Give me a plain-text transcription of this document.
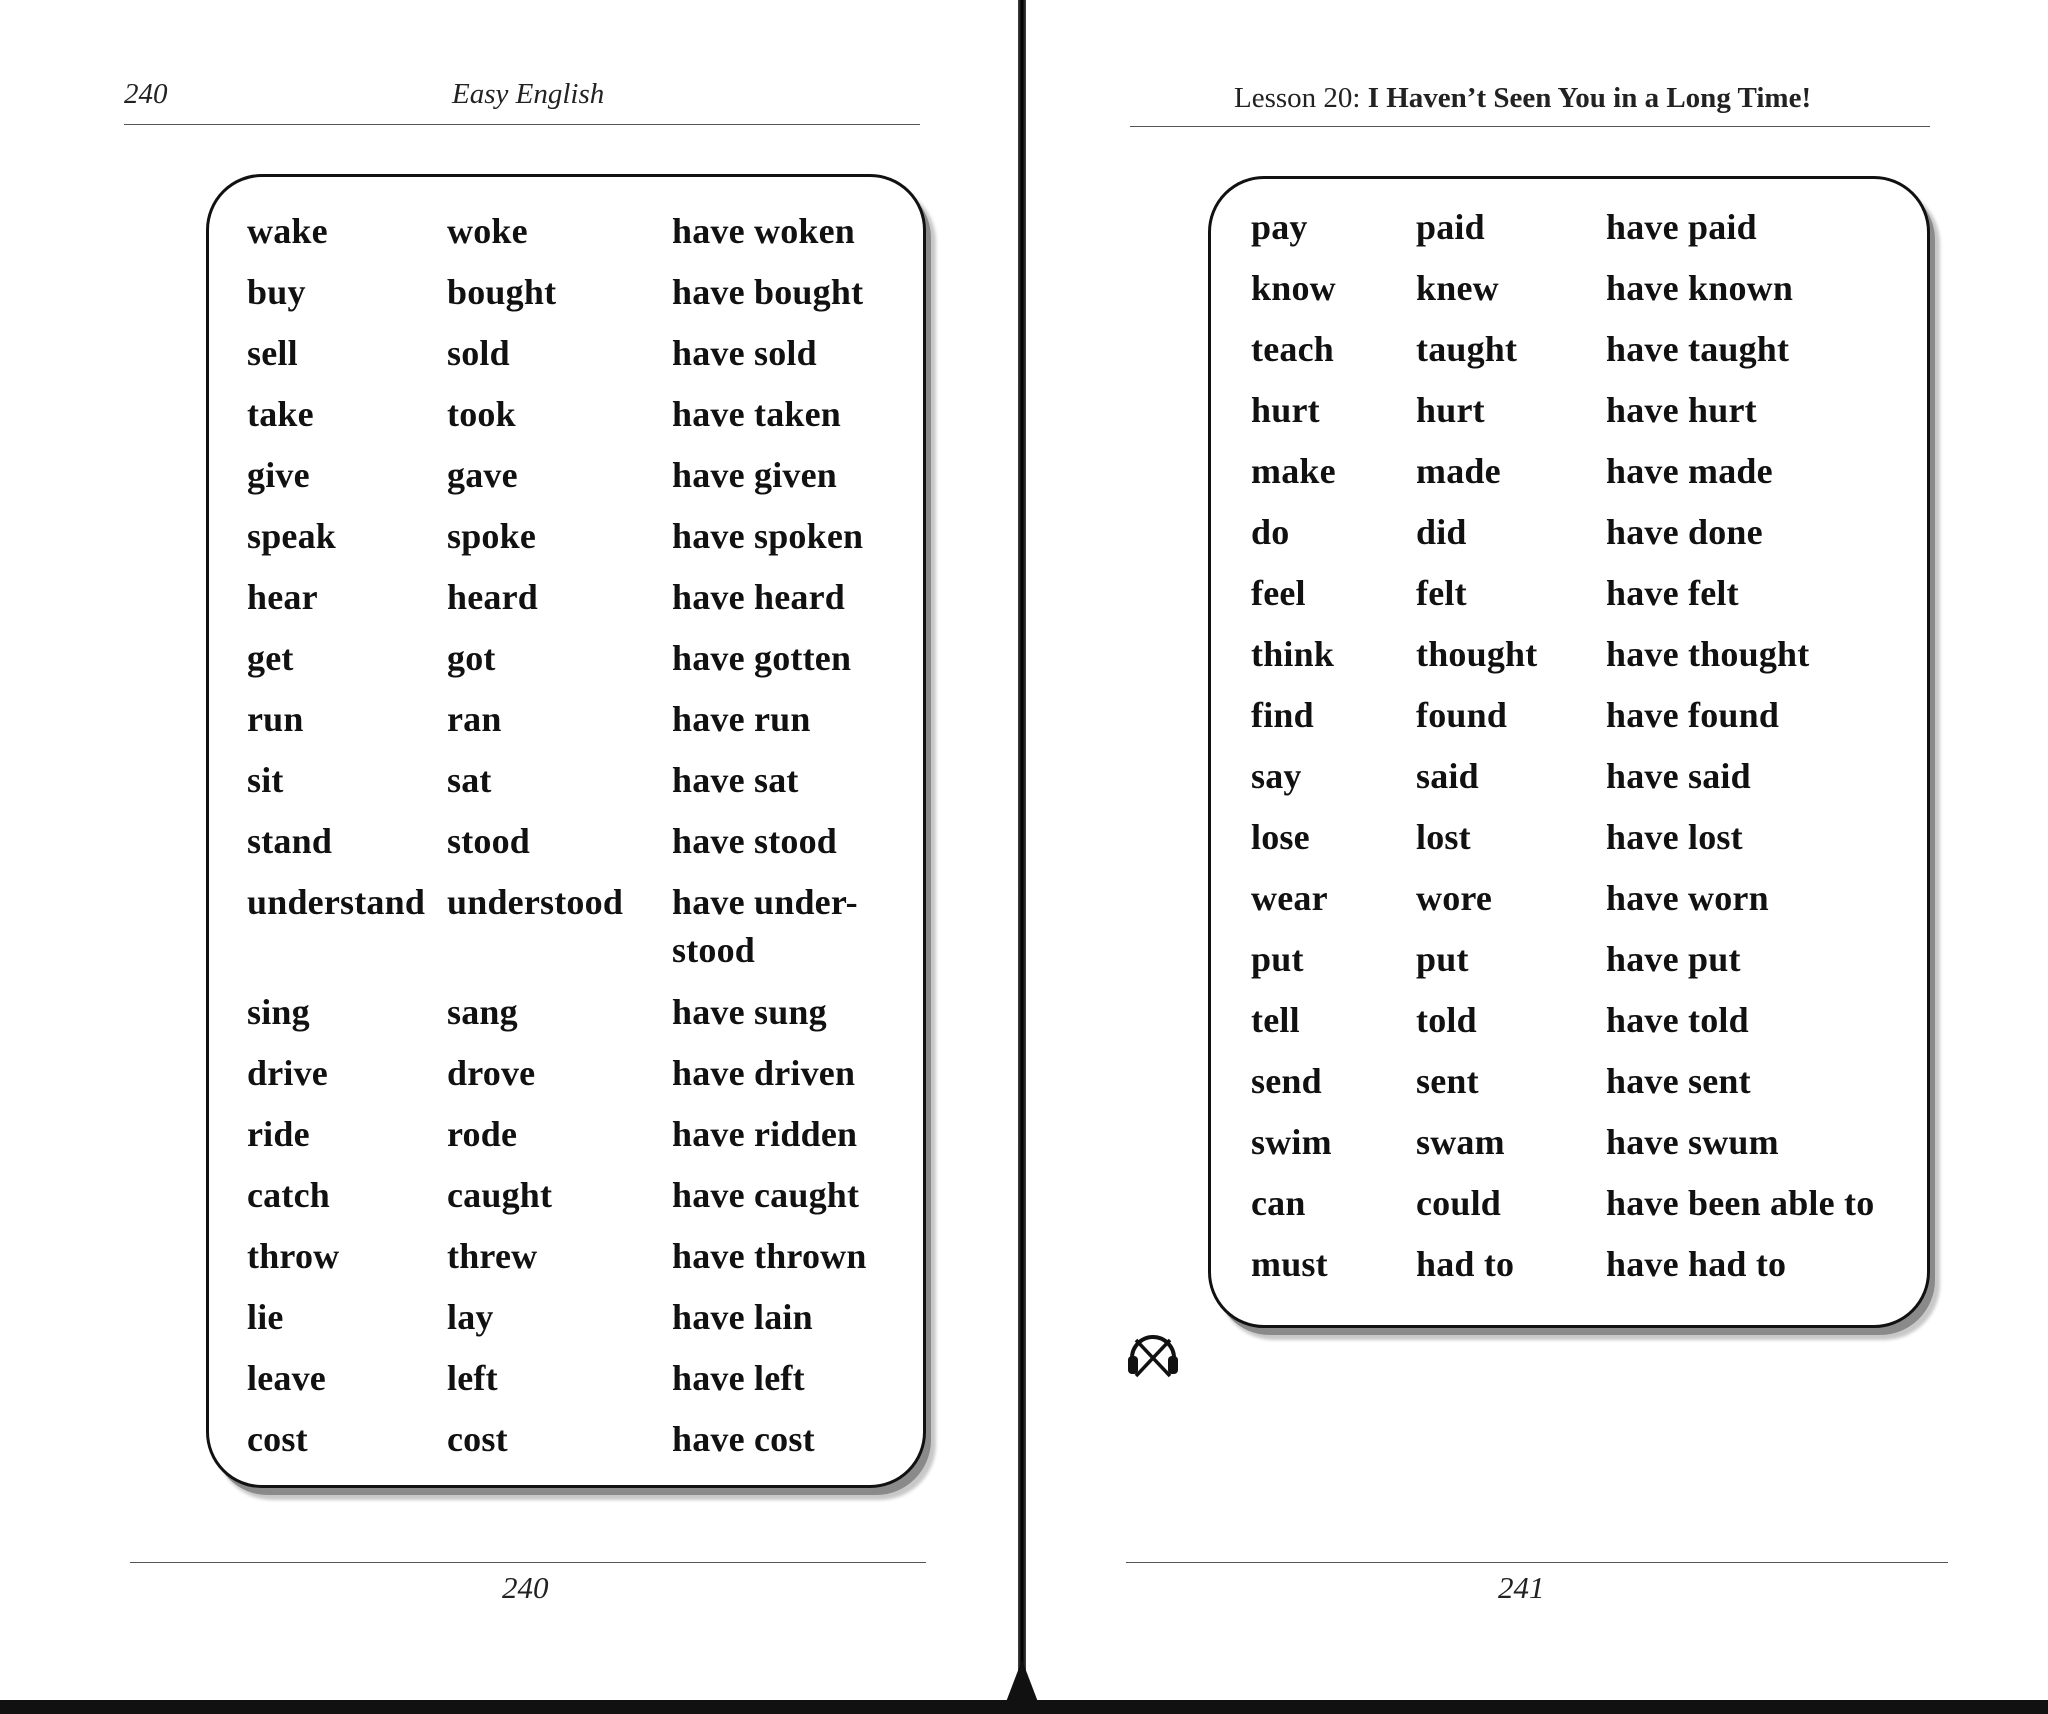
240	Easy English
wake	woke	have woken
buy	bought	have bought
sell	sold	have sold
take	took	have taken
give	gave	have given
speak	spoke	have spoken
hear	heard	have heard
get	got	have gotten
run	ran	have run
sit	sat	have sat
stand	stood	have stood
understand	understood	have under-
stood
sing	sang	have sung
drive	drove	have driven
ride	rode	have ridden
catch	caught	have caught
throw	threw	have thrown
lie	lay	have lain
leave	left	have left
cost	cost	have cost
240
Lesson 20: I Haven’t Seen You in a Long Time!
pay	paid	have paid
know	knew	have known
teach	taught	have taught
hurt	hurt	have hurt
make	made	have made
do	did	have done
feel	felt	have felt
think	thought	have thought
find	found	have found
say	said	have said
lose	lost	have lost
wear	wore	have worn
put	put	have put
tell	told	have told
send	sent	have sent
swim	swam	have swum
can	could	have been able to
must	had to	have had to
241
